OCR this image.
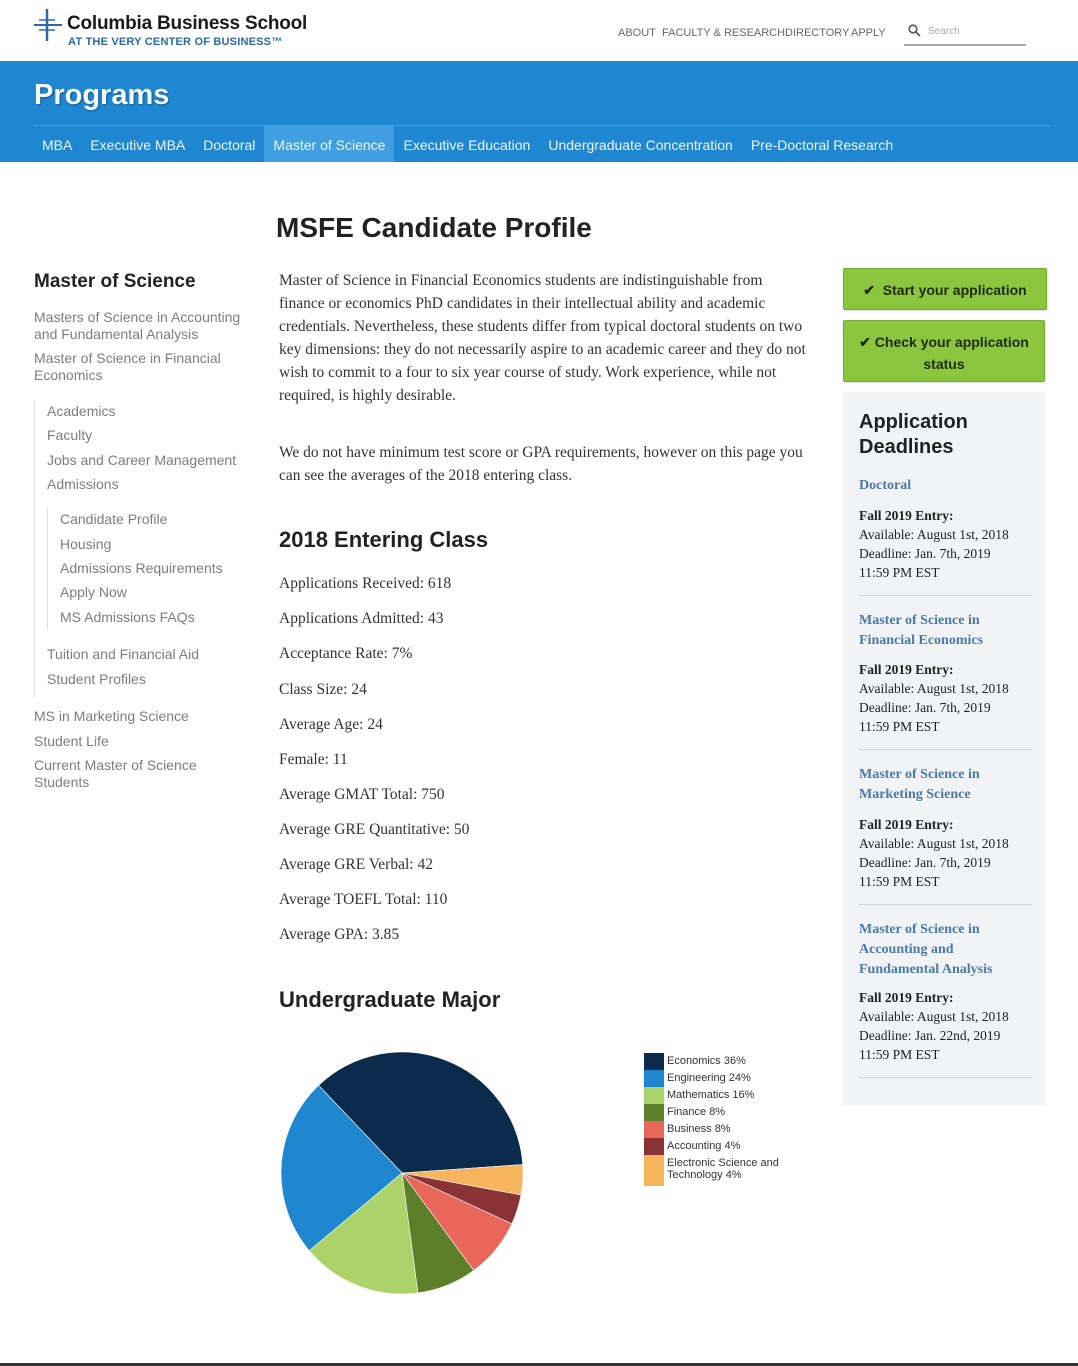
Columbia Business School
AT THE VERY CENTER OF BUSINESS™
ABOUT FACULTY & RESEARCH DIRECTORY APPLY	Search
Programs
MBA	Executive MBA	Doctoral	Master of Science	Executive Education	Undergraduate Concentration	Pre-Doctoral Research
Master of Science
Masters of Science in Accounting and Fundamental Analysis
Master of Science in Financial Economics
Academics
Faculty
Jobs and Career Management
Admissions
Candidate Profile
Housing
Admissions Requirements
Apply Now
MS Admissions FAQs
Tuition and Financial Aid
Student Profiles
MS in Marketing Science
Student Life
Current Master of Science Students
MSFE Candidate Profile
Master of Science in Financial Economics students are indistinguishable from finance or economics PhD candidates in their intellectual ability and academic credentials. Nevertheless, these students differ from typical doctoral students on two key dimensions: they do not necessarily aspire to an academic career and they do not wish to commit to a four to six year course of study. Work experience, while not required, is highly desirable.
We do not have minimum test score or GPA requirements, however on this page you can see the averages of the 2018 entering class.
2018 Entering Class
Applications Received: 618
Applications Admitted: 43
Acceptance Rate: 7%
Class Size: 24
Average Age: 24
Female: 11
Average GMAT Total: 750
Average GRE Quantitative: 50
Average GRE Verbal: 42
Average TOEFL Total: 110
Average GPA: 3.85
Undergraduate Major
Economics 36%
Engineering 24%
Mathematics 16%
Finance 8%
Business 8%
Accounting 4%
Electronic Science and Technology 4%
✔ Start your application
✔ Check your application
status
Application
Deadlines
Doctoral
Fall 2019 Entry:
Available: August 1st, 2018
Deadline: Jan. 7th, 2019
11:59 PM EST
Master of Science in
Financial Economics
Fall 2019 Entry:
Available: August 1st, 2018
Deadline: Jan. 7th, 2019
11:59 PM EST
Master of Science in
Marketing Science
Fall 2019 Entry:
Available: August 1st, 2018
Deadline: Jan. 7th, 2019
11:59 PM EST
Master of Science in
Accounting and
Fundamental Analysis
Fall 2019 Entry:
Available: August 1st, 2018
Deadline: Jan. 22nd, 2019
11:59 PM EST
